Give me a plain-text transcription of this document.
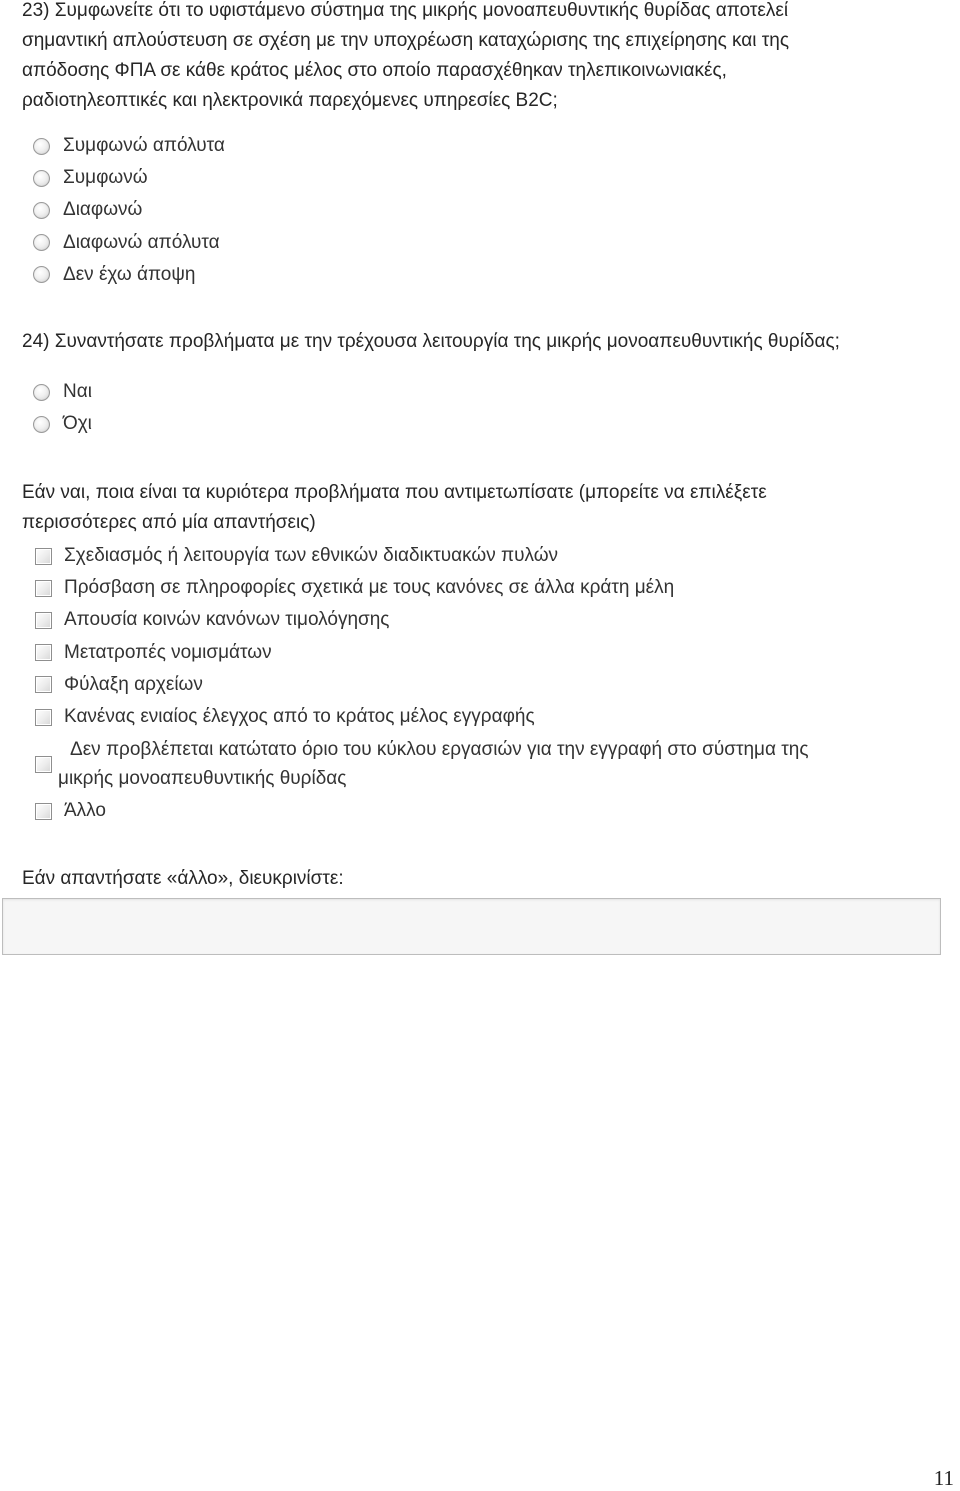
23) Συμφωνείτε ότι το υφιστάμενο σύστημα της μικρής μονοαπευθυντικής θυρίδας αποτελεί
σημαντική απλούστευση σε σχέση με την υποχρέωση καταχώρισης της επιχείρησης και της
απόδοσης ΦΠΑ σε κάθε κράτος μέλος στο οποίο παρασχέθηκαν τηλεπικοινωνιακές,
ραδιοτηλεοπτικές και ηλεκτρονικά παρεχόμενες υπηρεσίες B2C;
Συμφωνώ απόλυτα
Συμφωνώ
Διαφωνώ
Διαφωνώ απόλυτα
Δεν έχω άποψη
24) Συναντήσατε προβλήματα με την τρέχουσα λειτουργία της μικρής μονοαπευθυντικής θυρίδας;
Ναι
Όχι
Εάν ναι, ποια είναι τα κυριότερα προβλήματα που αντιμετωπίσατε (μπορείτε να επιλέξετε
περισσότερες από μία απαντήσεις)
Σχεδιασμός ή λειτουργία των εθνικών διαδικτυακών πυλών
Πρόσβαση σε πληροφορίες σχετικά με τους κανόνες σε άλλα κράτη μέλη
Απουσία κοινών κανόνων τιμολόγησης
Μετατροπές νομισμάτων
Φύλαξη αρχείων
Κανένας ενιαίος έλεγχος από το κράτος μέλος εγγραφής
Δεν προβλέπεται κατώτατο όριο του κύκλου εργασιών για την εγγραφή στο σύστημα της
μικρής μονοαπευθυντικής θυρίδας
Άλλο
Εάν απαντήσατε «άλλο», διευκρινίστε:
11
